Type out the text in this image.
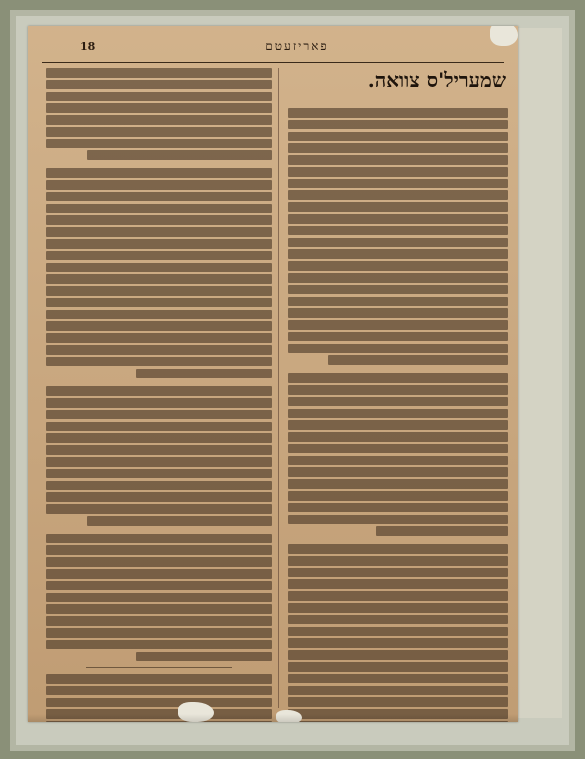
18	פאריזעטם
שמעריל'ס צוואה.
